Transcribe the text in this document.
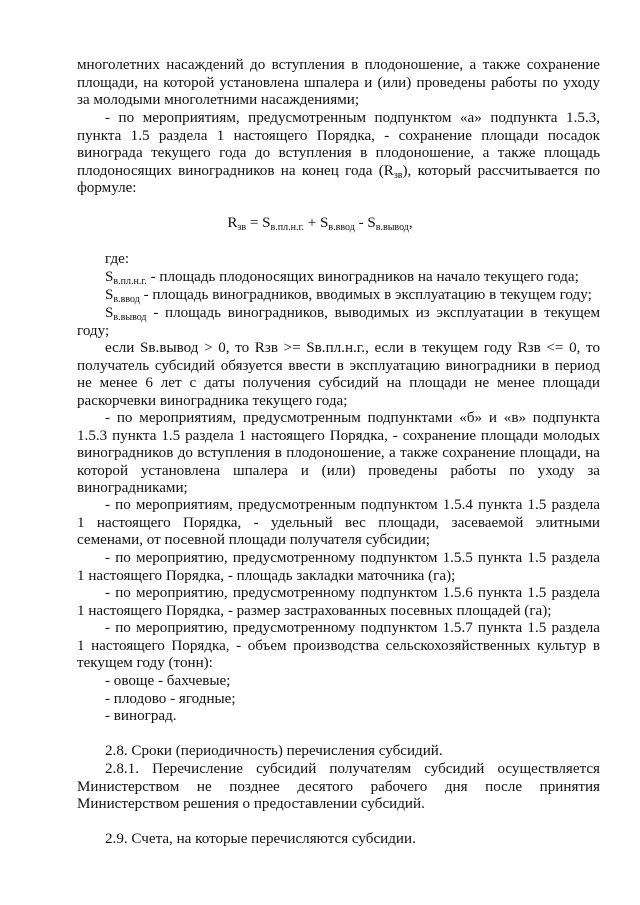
многолетних насаждений до вступления в плодоношение, а также сохранение площади, на которой установлена шпалера и (или) проведены работы по уходу за молодыми многолетними насаждениями;

- по мероприятиям, предусмотренным подпунктом «а» подпункта 1.5.3, пункта 1.5 раздела 1 настоящего Порядка, - сохранение площади посадок винограда текущего года до вступления в плодоношение, а также площадь плодоносящих виноградников на конец года $(R_{зв})$, который рассчитывается по формуле:

$R_{зв} = S_{в.пл.н.г.} + S_{в.ввод} - S_{в.вывод}$,

где:

$S_{в.пл.н.г.}$ - площадь плодоносящих виноградников на начало текущего года;

$S_{в.ввод}$ - площадь виноградников, вводимых в эксплуатацию в текущем году;

$S_{в.вывод}$ - площадь виноградников, выводимых из эксплуатации в текущем году;

если Sв.вывод > 0, то Rзв >= Sв.пл.н.г., если в текущем году Rзв <= 0, то получатель субсидий обязуется ввести в эксплуатацию виноградники в период не менее 6 лет с даты получения субсидий на площади не менее площади раскорчевки виноградника текущего года;

- по мероприятиям, предусмотренным подпунктами «б» и «в» подпункта 1.5.3 пункта 1.5 раздела 1 настоящего Порядка, - сохранение площади молодых виноградников до вступления в плодоношение, а также сохранение площади, на которой установлена шпалера и (или) проведены работы по уходу за виноградниками;

- по мероприятиям, предусмотренным подпунктом 1.5.4 пункта 1.5 раздела 1 настоящего Порядка, - удельный вес площади, засеваемой элитными семенами, от посевной площади получателя субсидии;

- по мероприятию, предусмотренному подпунктом 1.5.5 пункта 1.5 раздела 1 настоящего Порядка, - площадь закладки маточника (га);

- по мероприятию, предусмотренному подпунктом 1.5.6 пункта 1.5 раздела 1 настоящего Порядка, - размер застрахованных посевных площадей (га);

- по мероприятию, предусмотренному подпунктом 1.5.7 пункта 1.5 раздела 1 настоящего Порядка, - объем производства сельскохозяйственных культур в текущем году (тонн):

- овоще - бахчевые;

- плодово - ягодные;

- виноград.

2.8. Сроки (периодичность) перечисления субсидий.

2.8.1. Перечисление субсидий получателям субсидий осуществляется Министерством не позднее десятого рабочего дня после принятия Министерством решения о предоставлении субсидий.

2.9. Счета, на которые перечисляются субсидии.
